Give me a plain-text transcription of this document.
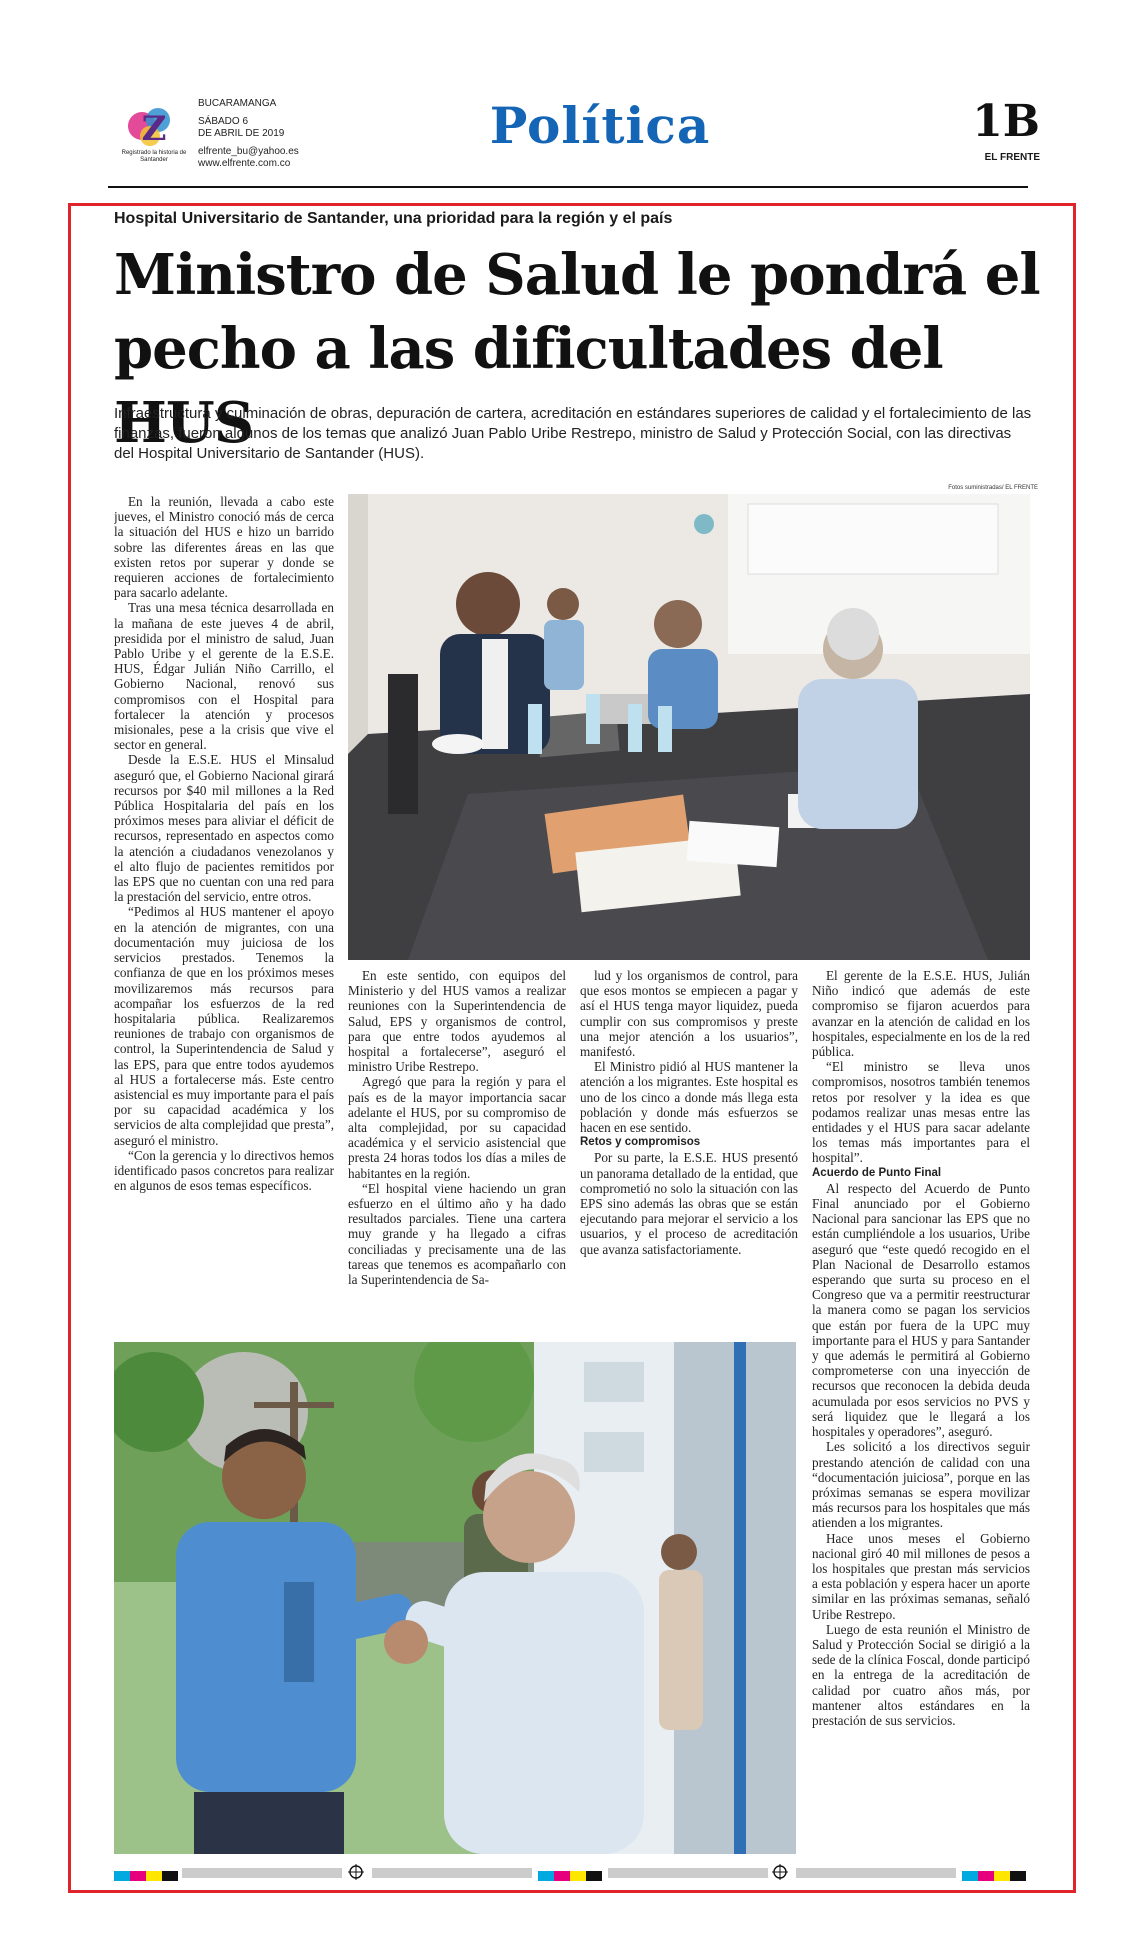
Z
Registrado la historia de Santander
BUCARAMANGA
SÁBADO 6
DE ABRIL DE 2019
elfrente_bu@yahoo.es
www.elfrente.com.co
Política	1B
EL FRENTE
Hospital Universitario de Santander, una prioridad para la región y el país
Ministro de Salud le pondrá el
pecho a las dificultades del HUS
Infraestructura y culminación de obras, depuración de cartera, acreditación en estándares superiores de calidad y el fortalecimiento de las finanzas, fueron algunos de los temas que analizó Juan Pablo Uribe Restrepo, ministro de Salud y Protección Social, con las directivas del Hospital Universitario de Santander (HUS).
Fotos suministradas/ EL FRENTE

En la reunión, llevada a cabo este jueves, el Ministro conoció más de cerca la situación del HUS e hizo un barrido sobre las diferentes áreas en las que existen retos por superar y donde se requieren acciones de fortalecimiento para sacarlo adelante.

Tras una mesa técnica desarrollada en la mañana de este jueves 4 de abril, presidida por el ministro de salud, Juan Pablo Uribe y el gerente de la E.S.E. HUS, Édgar Julián Niño Carrillo, el Gobierno Nacional, renovó sus compromisos con el Hospital para fortalecer la atención y procesos misionales, pese a la crisis que vive el sector en general.

Desde la E.S.E. HUS el Minsalud aseguró que, el Gobierno Nacional girará recursos por $40 mil millones a la Red Pública Hospitalaria del país en los próximos meses para aliviar el déficit de recursos, representado en aspectos como la atención a ciudadanos venezolanos y el alto flujo de pacientes remitidos por las EPS que no cuentan con una red para la prestación del servicio, entre otros.

“Pedimos al HUS mantener el apoyo en la atención de migrantes, con una documentación muy juiciosa de los servicios prestados. Tenemos la confianza de que en los próximos meses movilizaremos más recursos para acompañar los esfuerzos de la red hospitalaria pública. Realizaremos reuniones de trabajo con organismos de control, la Superintendencia de Salud y las EPS, para que entre todos ayudemos al HUS a fortalecerse más. Este centro asistencial es muy importante para el país por su capacidad académica y los servicios de alta complejidad que presta”, aseguró el ministro.

“Con la gerencia y lo directivos hemos identificado pasos concretos para realizar en algunos de esos temas específicos.

En este sentido, con equipos del Ministerio y del HUS vamos a realizar reuniones con la Superintendencia de Salud, EPS y organismos de control, para que entre todos ayudemos al hospital a fortalecerse”, aseguró el ministro Uribe Restrepo.

Agregó que para la región y para el país es de la mayor importancia sacar adelante el HUS, por su compromiso de alta complejidad, por su capacidad académica y el servicio asistencial que presta 24 horas todos los días a miles de habitantes en la región.

“El hospital viene haciendo un gran esfuerzo en el último año y ha dado resultados parciales. Tiene una cartera muy grande y ha llegado a cifras conciliadas y precisamente una de las tareas que tenemos es acompañarlo con la Superintendencia de Sa-

lud y los organismos de control, para que esos montos se empiecen a pagar y así el HUS tenga mayor liquidez, pueda cumplir con sus compromisos y preste una mejor atención a los usuarios”, manifestó.

El Ministro pidió al HUS mantener la atención a los migrantes. Este hospital es uno de los cinco a donde más llega esta población y donde más esfuerzos se hacen en ese sentido.

Retos y compromisos

Por su parte, la E.S.E. HUS presentó un panorama detallado de la entidad, que comprometió no solo la situación con las EPS sino además las obras que se están ejecutando para mejorar el servicio a los usuarios, y el proceso de acreditación que avanza satisfactoriamente.

El gerente de la E.S.E. HUS, Julián Niño indicó que además de este compromiso se fijaron acuerdos para avanzar en la atención de calidad en los hospitales, especialmente en los de la red pública.

“El ministro se lleva unos compromisos, nosotros también tenemos retos por resolver y la idea es que podamos realizar unas mesas entre las entidades y el HUS para sacar adelante los temas más importantes para el hospital”.

Acuerdo de Punto Final

Al respecto del Acuerdo de Punto Final anunciado por el Gobierno Nacional para sancionar las EPS que no están cumpliéndole a los usuarios, Uribe aseguró que “este quedó recogido en el Plan Nacional de Desarrollo estamos esperando que surta su proceso en el Congreso que va a permitir reestructurar la manera como se pagan los servicios que están por fuera de la UPC muy importante para el HUS y para Santander y que además le permitirá al Gobierno comprometerse con una inyección de recursos que reconocen la debida deuda acumulada por esos servicios no PVS y será liquidez que le llegará a los hospitales y operadores”, aseguró.

Les solicitó a los directivos seguir prestando atención de calidad con una “documentación juiciosa”, porque en las próximas semanas se espera movilizar más recursos para los hospitales que más atienden a los migrantes.

Hace unos meses el Gobierno nacional giró 40 mil millones de pesos a los hospitales que prestan más servicios a esta población y espera hacer un aporte similar en las próximas semanas, señaló Uribe Restrepo.

Luego de esta reunión el Ministro de Salud y Protección Social se dirigió a la sede de la clínica Foscal, donde participó en la entrega de la acreditación de calidad por cuatro años más, por mantener altos estándares en la prestación de sus servicios.
